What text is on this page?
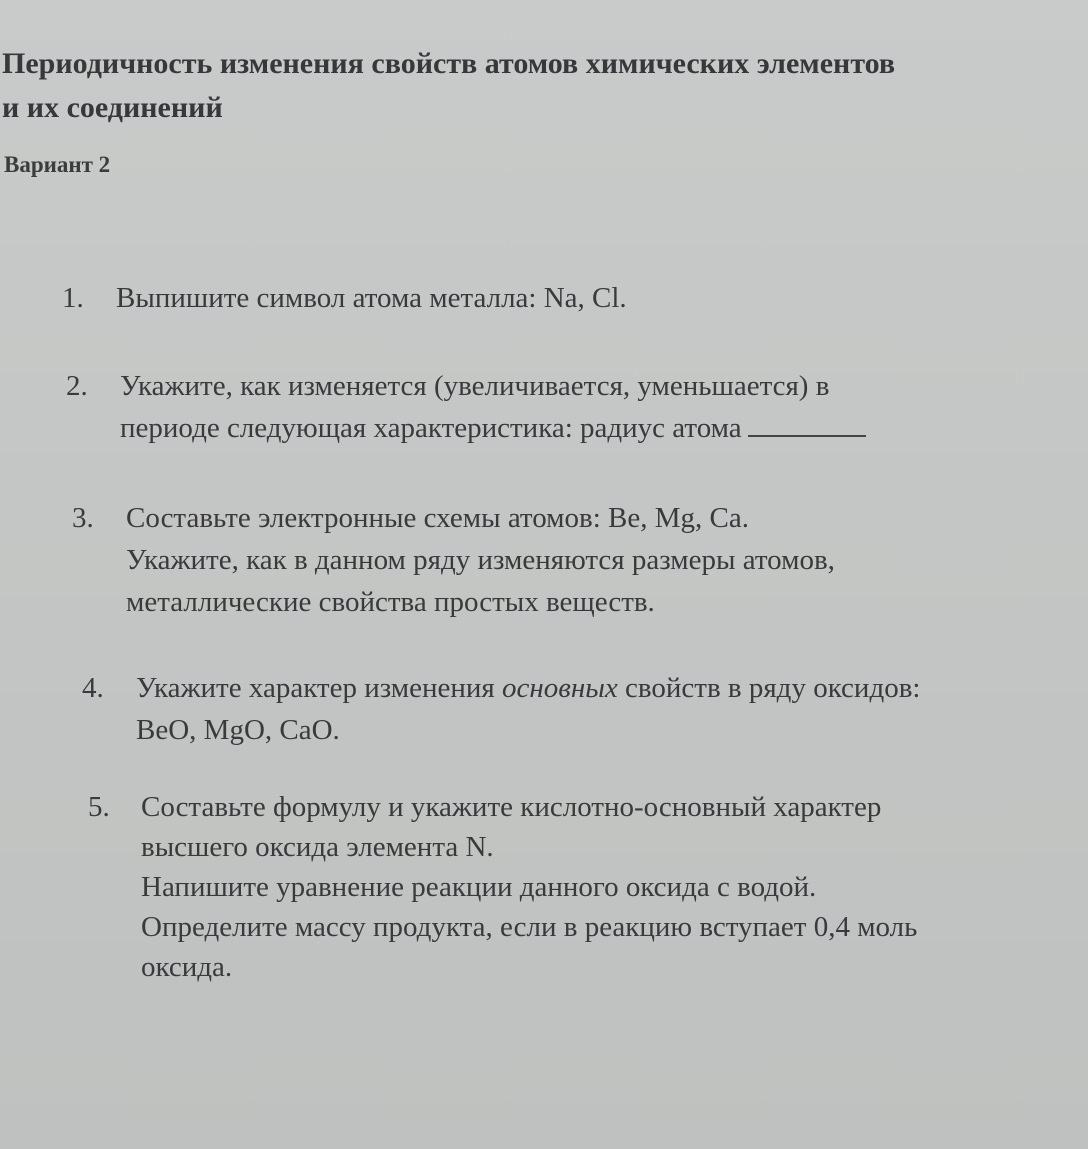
Периодичность изменения свойств атомов химических элементов
и их соединений

Вариант 2

1. Выпишите символ атома металла: Na, Cl.
2. Укажите, как изменяется (увеличивается, уменьшается) в
периоде следующая характеристика: радиус атома
3. Составьте электронные схемы атомов: Be, Mg, Ca.
Укажите, как в данном ряду изменяются размеры атомов,
металлические свойства простых веществ.
4. Укажите характер изменения основных свойств в ряду оксидов:
BeO, MgO, CaO.
5. Составьте формулу и укажите кислотно-основный характер
высшего оксида элемента N.
Напишите уравнение реакции данного оксида с водой.
Определите массу продукта, если в реакцию вступает 0,4 моль
оксида.
